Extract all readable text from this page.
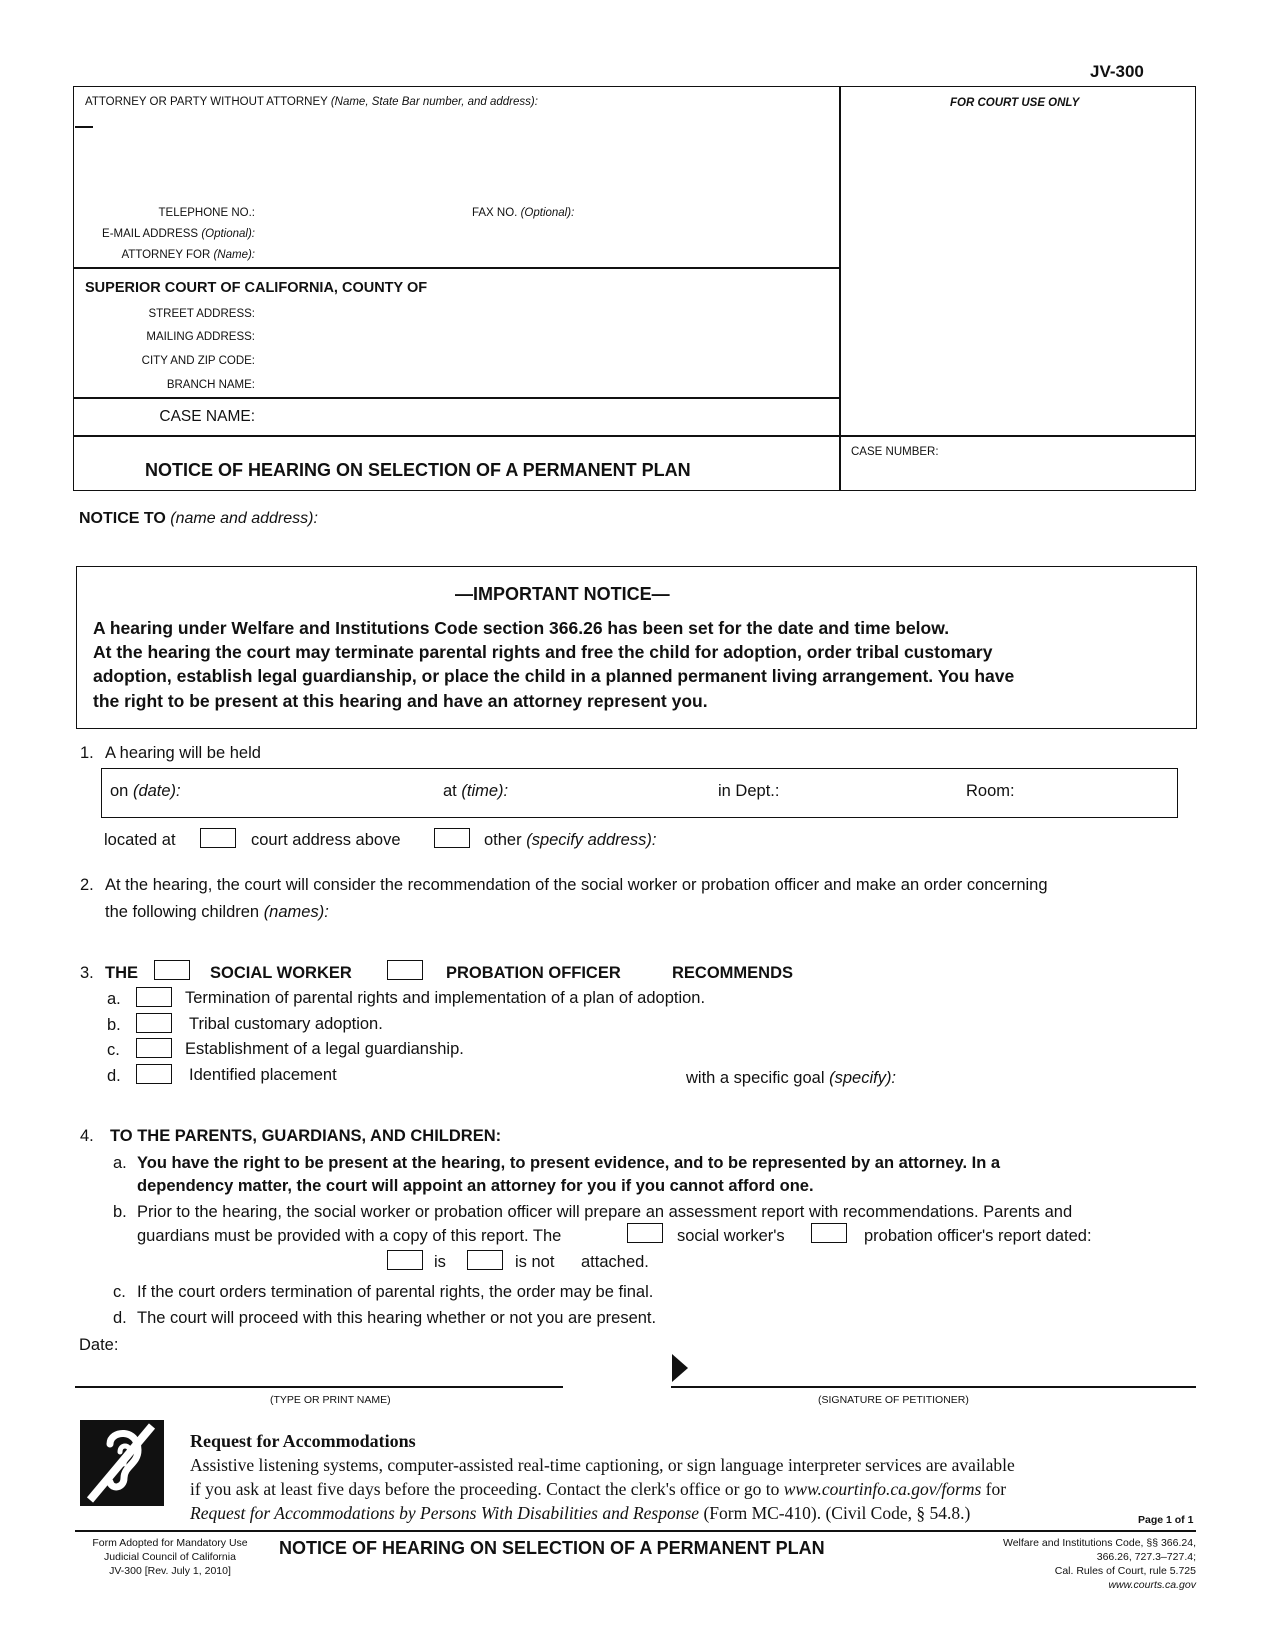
JV-300
ATTORNEY OR PARTY WITHOUT ATTORNEY (Name, State Bar number, and address):	FOR COURT USE ONLY
TELEPHONE NO.:	FAX NO. (Optional):
E-MAIL ADDRESS (Optional):
ATTORNEY FOR (Name):
SUPERIOR COURT OF CALIFORNIA, COUNTY OF
STREET ADDRESS:
MAILING ADDRESS:
CITY AND ZIP CODE:
BRANCH NAME:
CASE NAME:
NOTICE OF HEARING ON SELECTION OF A PERMANENT PLAN
CASE NUMBER:
NOTICE TO (name and address):
—IMPORTANT NOTICE—
A hearing under Welfare and Institutions Code section 366.26 has been set for the date and time below.
At the hearing the court may terminate parental rights and free the child for adoption, order tribal customary
adoption, establish legal guardianship, or place the child in a planned permanent living arrangement. You have
the right to be present at this hearing and have an attorney represent you.
1. A hearing will be held
on (date):	at (time):	in Dept.:	Room:
located at	court address above	other (specify address):
2. At the hearing, the court will consider the recommendation of the social worker or probation officer and make an order concerning
the following children (names):
3. THE	SOCIAL WORKER	PROBATION OFFICER	RECOMMENDS
a.	Termination of parental rights and implementation of a plan of adoption.
b.	Tribal customary adoption.
c.	Establishment of a legal guardianship.
d.	Identified placement	with a specific goal (specify):
4. TO THE PARENTS, GUARDIANS, AND CHILDREN:
a. You have the right to be present at the hearing, to present evidence, and to be represented by an attorney. In a
dependency matter, the court will appoint an attorney for you if you cannot afford one.
b. Prior to the hearing, the social worker or probation officer will prepare an assessment report with recommendations. Parents and
guardians must be provided with a copy of this report. The	social worker's	probation officer's report dated:
is	is not attached.
c. If the court orders termination of parental rights, the order may be final.
d. The court will proceed with this hearing whether or not you are present.
Date:
(TYPE OR PRINT NAME)	(SIGNATURE OF PETITIONER)
Request for Accommodations
Assistive listening systems, computer-assisted real-time captioning, or sign language interpreter services are available
if you ask at least five days before the proceeding. Contact the clerk's office or go to www.courtinfo.ca.gov/forms for
Request for Accommodations by Persons With Disabilities and Response (Form MC-410). (Civil Code, § 54.8.)	Page 1 of 1
Form Adopted for Mandatory Use
Judicial Council of California
JV-300 [Rev. July 1, 2010]
NOTICE OF HEARING ON SELECTION OF A PERMANENT PLAN	Welfare and Institutions Code, §§ 366.24,
366.26, 727.3–727.4;
Cal. Rules of Court, rule 5.725
www.courts.ca.gov
